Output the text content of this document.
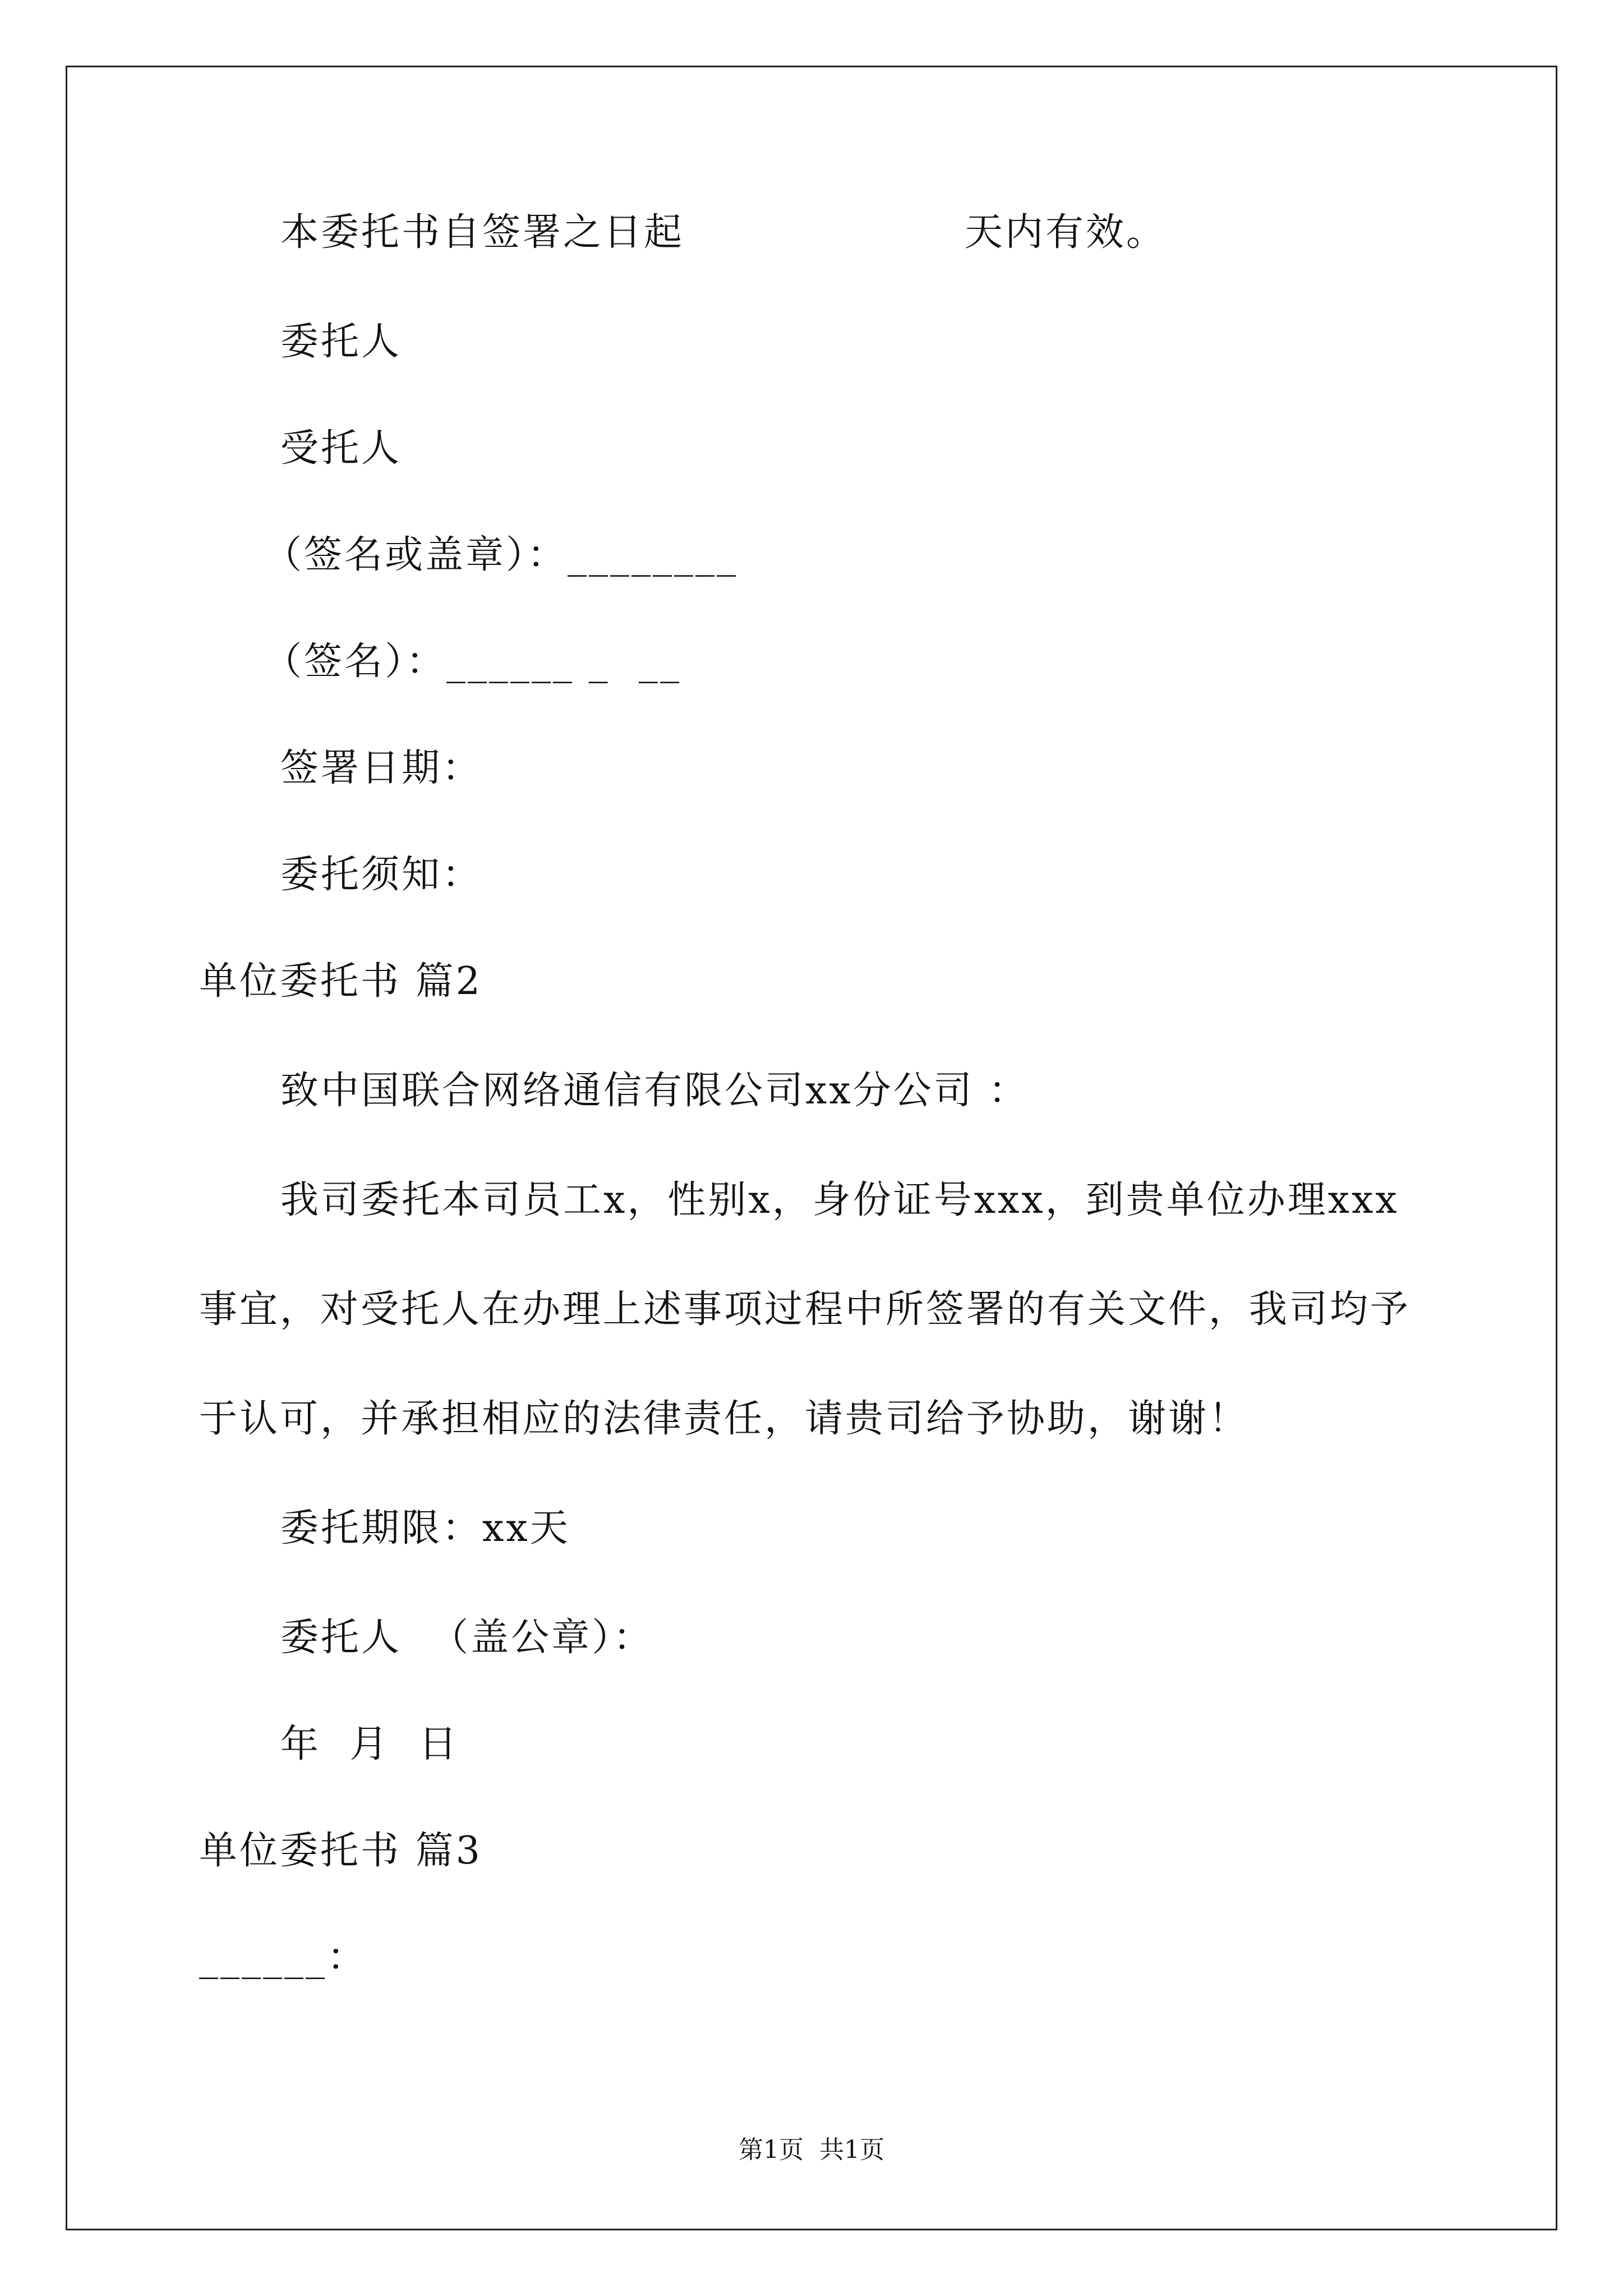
本委托书自签署之日起	天内有效。
委托人
受托人
（签名或盖章）：________
（签名）：______ _  __
签署日期：
委托须知：
单位委托书 篇2
致中国联合网络通信有限公司xx分公司 ：
我司委托本司员工x，性别x，身份证号xxx，到贵单位办理xxx
事宜，对受托人在办理上述事项过程中所签署的有关文件，我司均予
于认可，并承担相应的法律责任，请贵司给予协助，谢谢！
委托期限：xx天
委托人  （盖公章）：
年  月  日
单位委托书 篇3
______：
第1页  共1页
